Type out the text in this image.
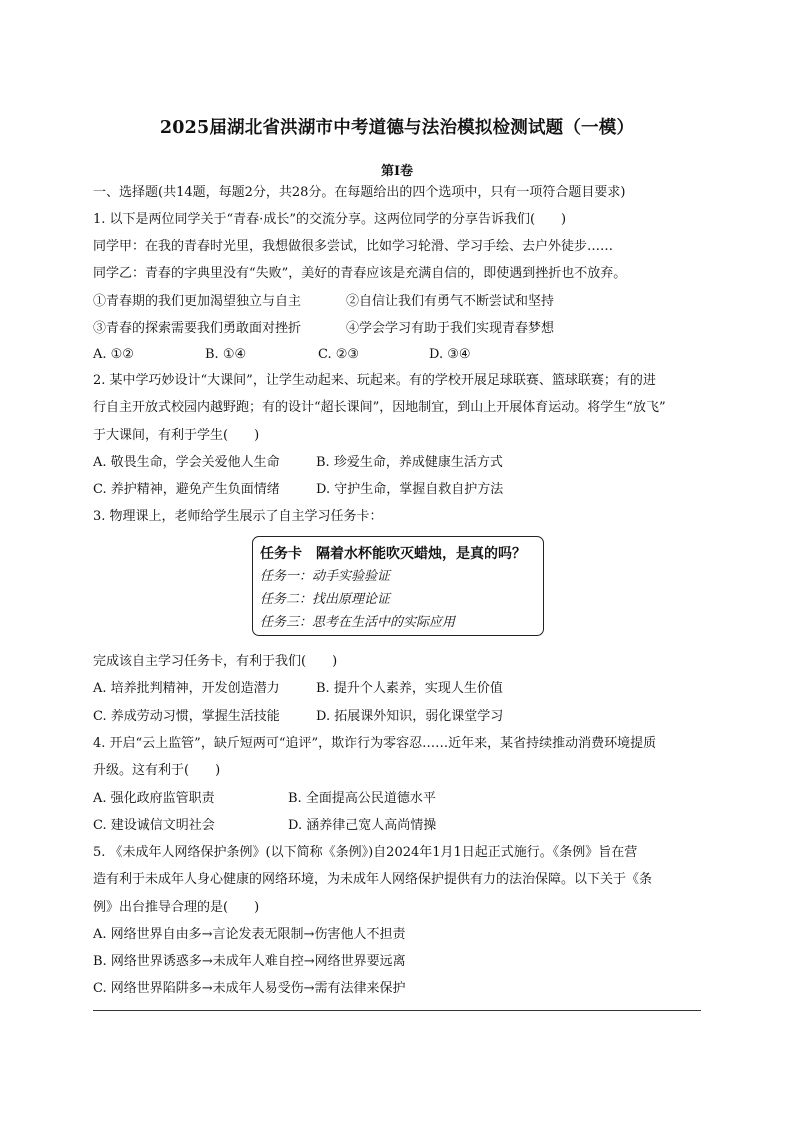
2025届湖北省洪湖市中考道德与法治模拟检测试题（一模）
第Ⅰ卷
一、选择题(共14题，每题2分，共28分。在每题给出的四个选项中，只有一项符合题目要求)
1. 以下是两位同学关于“青春·成长”的交流分享。这两位同学的分享告诉我们(　　)
同学甲：在我的青春时光里，我想做很多尝试，比如学习轮滑、学习手绘、去户外徒步……
同学乙：青春的字典里没有“失败”，美好的青春应该是充满自信的，即使遇到挫折也不放弃。
①青春期的我们更加渴望独立与自主	②自信让我们有勇气不断尝试和坚持
③青春的探索需要我们勇敢面对挫折	④学会学习有助于我们实现青春梦想
A. ①②	B. ①④	C. ②③	D. ③④
2. 某中学巧妙设计“大课间”，让学生动起来、玩起来。有的学校开展足球联赛、篮球联赛；有的进
行自主开放式校园内越野跑；有的设计“超长课间”，因地制宜，到山上开展体育运动。将学生“放飞”
于大课间，有利于学生(　　)
A. 敬畏生命，学会关爱他人生命	B. 珍爱生命，养成健康生活方式
C. 养护精神，避免产生负面情绪	D. 守护生命，掌握自救自护方法
3. 物理课上，老师给学生展示了自主学习任务卡：
任务卡　隔着水杯能吹灭蜡烛，是真的吗？
任务一：动手实验验证
任务二：找出原理论证
任务三：思考在生活中的实际应用
完成该自主学习任务卡，有利于我们(　　)
A. 培养批判精神，开发创造潜力	B. 提升个人素养，实现人生价值
C. 养成劳动习惯，掌握生活技能	D. 拓展课外知识，弱化课堂学习
4. 开启“云上监管”，缺斤短两可“追评”，欺诈行为零容忍……近年来，某省持续推动消费环境提质
升级。这有利于(　　)
A. 强化政府监管职责	B. 全面提高公民道德水平
C. 建设诚信文明社会	D. 涵养律己宽人高尚情操
5. 《未成年人网络保护条例》(以下简称《条例》)自2024年1月1日起正式施行。《条例》旨在营
造有利于未成年人身心健康的网络环境，为未成年人网络保护提供有力的法治保障。以下关于《条
例》出台推导合理的是(　　)
A. 网络世界自由多→言论发表无限制→伤害他人不担责
B. 网络世界诱惑多→未成年人难自控→网络世界要远离
C. 网络世界陷阱多→未成年人易受伤→需有法律来保护
